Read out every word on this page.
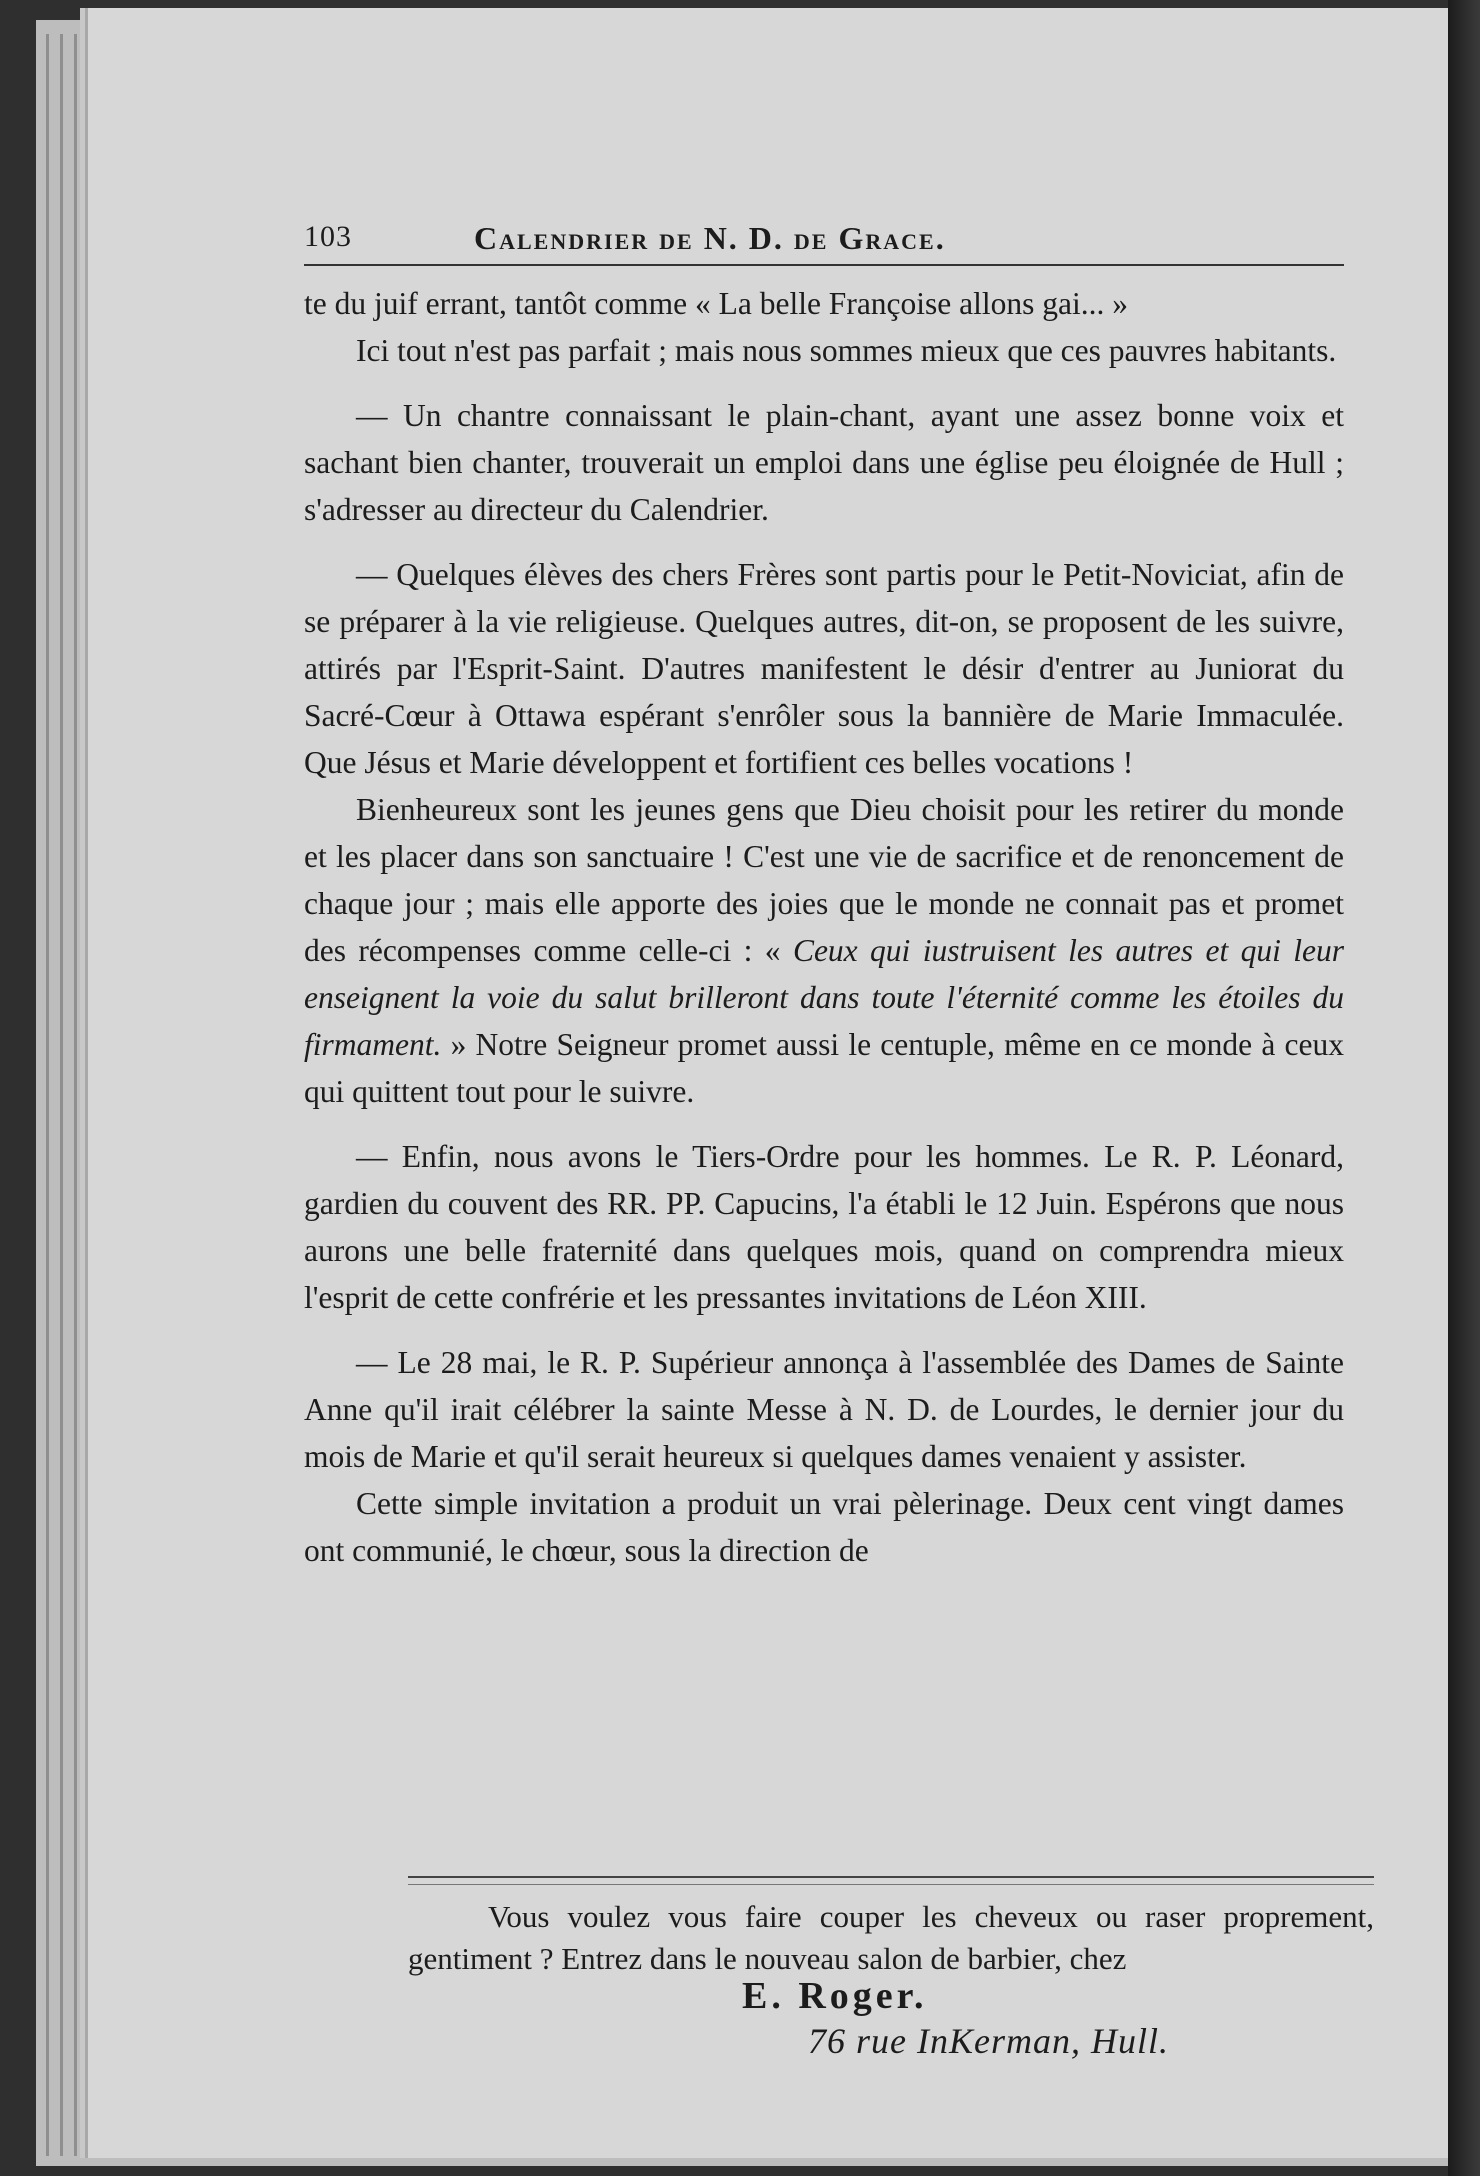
103	Calendrier de N. D. de Grace.

te du juif errant, tantôt comme « La belle Françoise allons gai... »

Ici tout n'est pas parfait ; mais nous sommes mieux que ces pauvres habitants.

— Un chantre connaissant le plain-chant, ayant une assez bonne voix et sachant bien chanter, trouverait un emploi dans une église peu éloignée de Hull ; s'adresser au directeur du Calendrier.

— Quelques élèves des chers Frères sont partis pour le Petit-Noviciat, afin de se préparer à la vie religieuse. Quelques autres, dit-on, se proposent de les suivre, attirés par l'Esprit-Saint. D'autres manifestent le désir d'entrer au Juniorat du Sacré-Cœur à Ottawa espérant s'enrôler sous la bannière de Marie Immaculée. Que Jésus et Marie développent et fortifient ces belles vocations !

Bienheureux sont les jeunes gens que Dieu choisit pour les retirer du monde et les placer dans son sanctuaire ! C'est une vie de sacrifice et de renoncement de chaque jour ; mais elle apporte des joies que le monde ne connait pas et promet des récompenses comme celle-ci : « Ceux qui iustruisent les autres et qui leur enseignent la voie du salut brilleront dans toute l'éternité comme les étoiles du firmament. » Notre Seigneur promet aussi le centuple, même en ce monde à ceux qui quittent tout pour le suivre.

— Enfin, nous avons le Tiers-Ordre pour les hommes. Le R. P. Léonard, gardien du couvent des RR. PP. Capucins, l'a établi le 12 Juin. Espérons que nous aurons une belle fraternité dans quelques mois, quand on comprendra mieux l'esprit de cette confrérie et les pressantes invitations de Léon XIII.

— Le 28 mai, le R. P. Supérieur annonça à l'assemblée des Dames de Sainte Anne qu'il irait célébrer la sainte Messe à N. D. de Lourdes, le dernier jour du mois de Marie et qu'il serait heureux si quelques dames venaient y assister.

Cette simple invitation a produit un vrai pèlerinage. Deux cent vingt dames ont communié, le chœur, sous la direction de

Vous voulez vous faire couper les cheveux ou raser proprement, gentiment ? Entrez dans le nouveau salon de barbier, chez

E. Roger.
76 rue InKerman, Hull.
